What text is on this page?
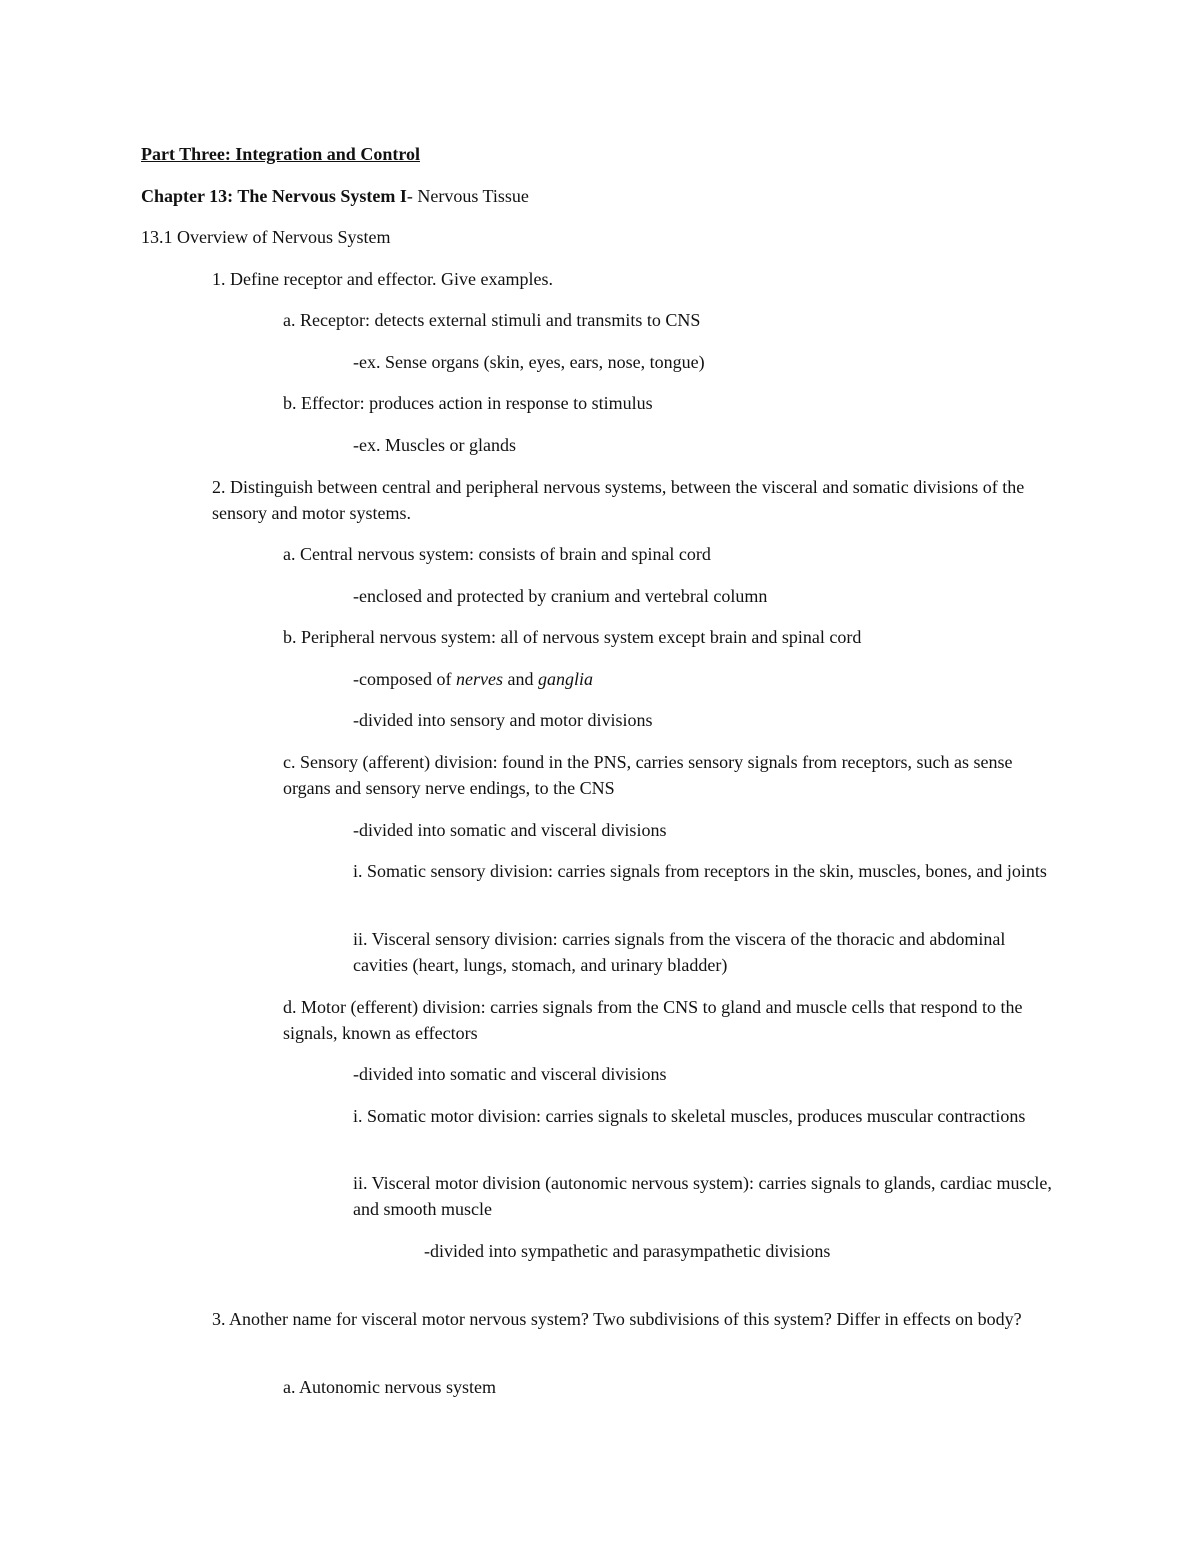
Part Three: Integration and Control
Chapter 13: The Nervous System I- Nervous Tissue
13.1 Overview of Nervous System
1. Define receptor and effector. Give examples.
a. Receptor: detects external stimuli and transmits to CNS
-ex. Sense organs (skin, eyes, ears, nose, tongue)
b. Effector: produces action in response to stimulus
-ex. Muscles or glands
2. Distinguish between central and peripheral nervous systems, between the visceral and somatic divisions of the sensory and motor systems.
a. Central nervous system: consists of brain and spinal cord
-enclosed and protected by cranium and vertebral column
b. Peripheral nervous system: all of nervous system except brain and spinal cord
-composed of nerves and ganglia
-divided into sensory and motor divisions
c. Sensory (afferent) division: found in the PNS, carries sensory signals from receptors, such as sense organs and sensory nerve endings, to the CNS
-divided into somatic and visceral divisions
i. Somatic sensory division: carries signals from receptors in the skin, muscles, bones, and joints
ii. Visceral sensory division: carries signals from the viscera of the thoracic and abdominal cavities (heart, lungs, stomach, and urinary bladder)
d. Motor (efferent) division: carries signals from the CNS to gland and muscle cells that respond to the signals, known as effectors
-divided into somatic and visceral divisions
i. Somatic motor division: carries signals to skeletal muscles, produces muscular contractions
ii. Visceral motor division (autonomic nervous system): carries signals to glands, cardiac muscle, and smooth muscle
-divided into sympathetic and parasympathetic divisions
3. Another name for visceral motor nervous system? Two subdivisions of this system? Differ in effects on body?
a. Autonomic nervous system
